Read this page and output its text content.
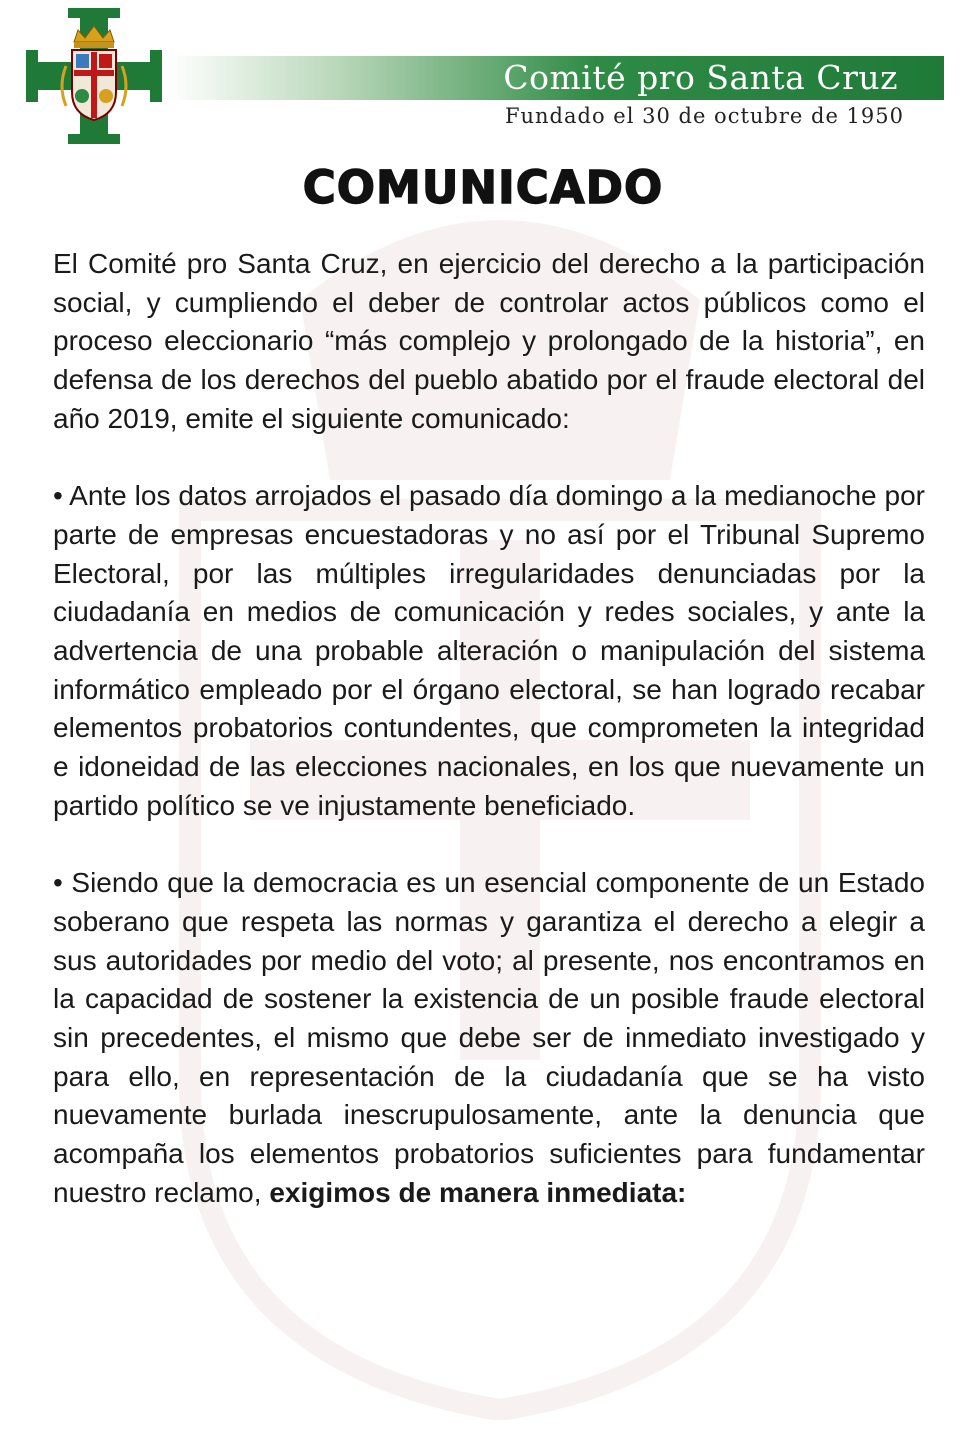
Comité pro Santa Cruz
Fundado el 30 de octubre de 1950
COMUNICADO

El Comité pro Santa Cruz, en ejercicio del derecho a la participación social, y cumpliendo el deber de controlar actos públicos como el proceso eleccionario “más complejo y prolongado de la historia”, en defensa de los derechos del pueblo abatido por el fraude electoral del año 2019, emite el siguiente comunicado:

• Ante los datos arrojados el pasado día domingo a la medianoche por parte de empresas encuestadoras y no así por el Tribunal Supremo Electoral, por las múltiples irregularidades denunciadas por la ciudadanía en medios de comunicación y redes sociales, y ante la advertencia de una probable alteración o manipulación del sistema informático empleado por el órgano electoral, se han logrado recabar elementos probatorios contundentes, que comprometen la integridad e idoneidad de las elecciones nacionales, en los que nuevamente un partido político se ve injustamente beneficiado.

• Siendo que la democracia es un esencial componente de un Estado soberano que respeta las normas y garantiza el derecho a elegir a sus autoridades por medio del voto; al presente, nos encontramos en la capacidad de sostener la existencia de un posible fraude electoral sin precedentes, el mismo que debe ser de inmediato investigado y para ello, en representación de la ciudadanía que se ha visto nuevamente burlada inescrupulosamente, ante la denuncia que acompaña los elementos probatorios suficientes para fundamentar nuestro reclamo, exigimos de manera inmediata:
